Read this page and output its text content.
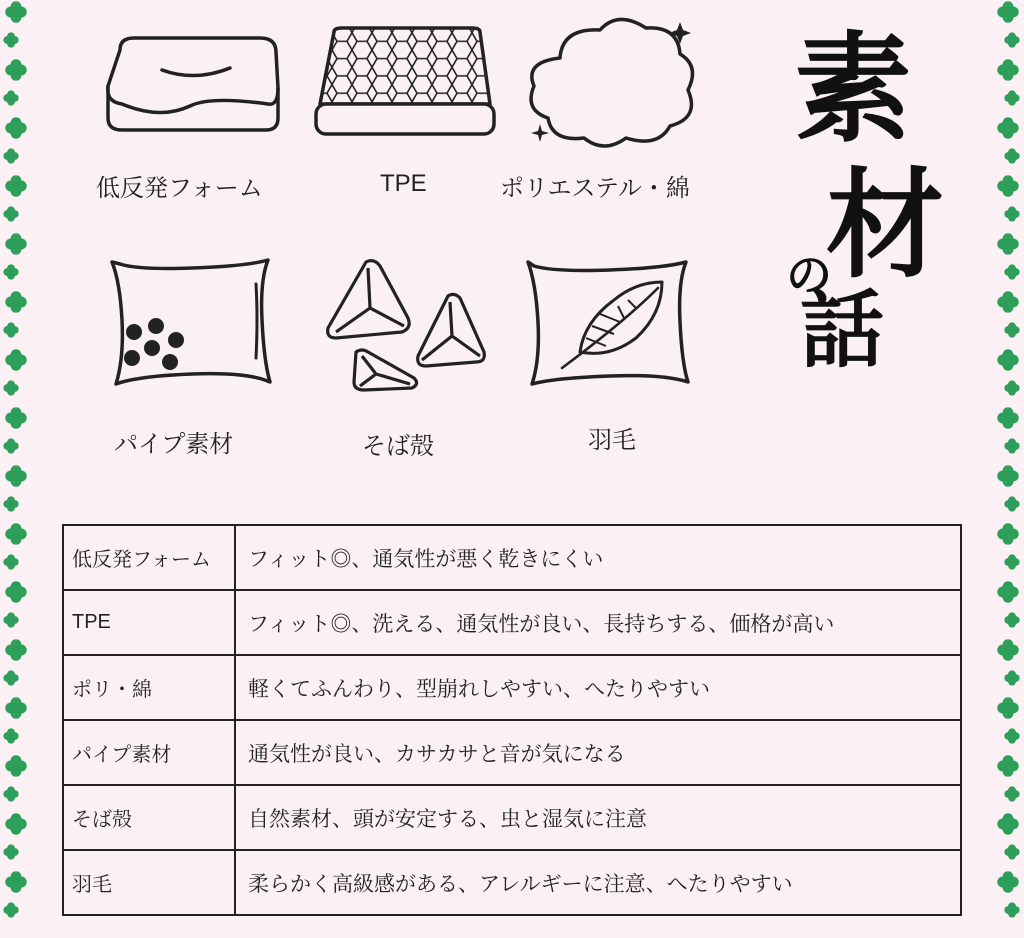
素
材
の
話
低反発フォーム	TPE	ポリエステル・綿
パイプ素材	そば殻	羽毛
低反発フォーム	フィット◎、通気性が悪く乾きにくい
TPE	フィット◎、洗える、通気性が良い、長持ちする、価格が高い
ポリ・綿	軽くてふんわり、型崩れしやすい、へたりやすい
パイプ素材	通気性が良い、カサカサと音が気になる
そば殻	自然素材、頭が安定する、虫と湿気に注意
羽毛	柔らかく高級感がある、アレルギーに注意、へたりやすい
